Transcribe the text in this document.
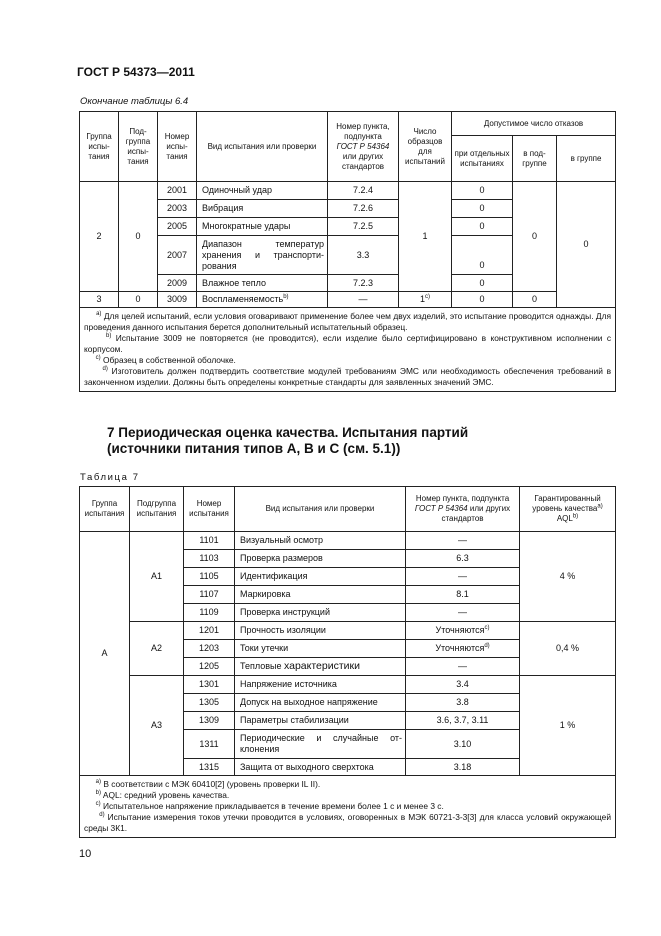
ГОСТ Р 54373—2011
Окончание таблицы 6.4
Группа испы-тания	Под-группа испы-тания	Номер испы-тания	Вид испытания или проверки	Номер пункта, подпункта
ГОСТ Р 54364
или других стандартов	Число образцов для испытаний	Допустимое число отказов		
						при отдельных испытаниях	в под-группе	в группе
2	0	2001	Одиночный удар	7.2.4	1	0	0	0
		2003	Вибрация	7.2.6		0		
		2005	Многократные удары	7.2.5		0		
		2007	Диапазон температур
хранения и транспорти-
рования	3.3		0		
		2009	Влажное тепло	7.2.3		0		
3	0	3009	Воспламеняемость$^{b)}$	—	1$^{c)}$	0	0	

$^{a)}$ Для целей испытаний, если условия оговаривают применение более чем двух изделий, это испытание проводится однажды. Для проведения данного испытания берется дополнительный испытательный образец.

$^{b)}$ Испытание 3009 не повторяется (не проводится), если изделие было сертифицировано в конструктивном исполнении с корпусом.

$^{c)}$ Образец в собственной оболочке.

$^{d)}$ Изготовитель должен подтвердить соответствие модулей требованиям ЭМС или необходимость обеспечения требований в законченном изделии. Должны быть определены конкретные стандарты для заявленных значений ЭМС.								

7 Периодическая оценка качества. Испытания партий
(источники питания типов A, B и C (см. 5.1))
Таблица 7
Группа испытания	Подгруппа испытания	Номер испытания	Вид испытания или проверки	Номер пункта, подпункта
ГОСТ Р 54364 или других стандартов	Гарантированный уровень качества$^{a)}$
AQL$^{b)}$
A	A1	1101	Визуальный осмотр	—	4 %
		1103	Проверка размеров	6.3	
		1105	Идентификация	—	
		1107	Маркировка	8.1	
		1109	Проверка инструкций	—	
	A2	1201	Прочность изоляции	Уточняются$^{c)}$	0,4 %
		1203	Токи утечки	Уточняются$^{d)}$
		1205	Тепловые характеристики	—	
	A3	1301	Напряжение источника	3.4	1 %
		1305	Допуск на выходное напряжение	3.8	
		1309	Параметры стабилизации	3.6, 3.7, 3.11	
		1311	Периодические и случайные от-
клонения	3.10	
		1315	Защита от выходного сверхтока	3.18	

$^{a)}$ В соответствии с МЭК 60410[2] (уровень проверки IL II).

$^{b)}$ AQL: средний уровень качества.

$^{c)}$ Испытательное напряжение прикладывается в течение времени более 1 с и менее 3 с.

$^{d)}$ Испытание измерения токов утечки проводится в условиях, оговоренных в МЭК 60721-3-3[3] для класса условий окружающей среды 3К1.					

10
